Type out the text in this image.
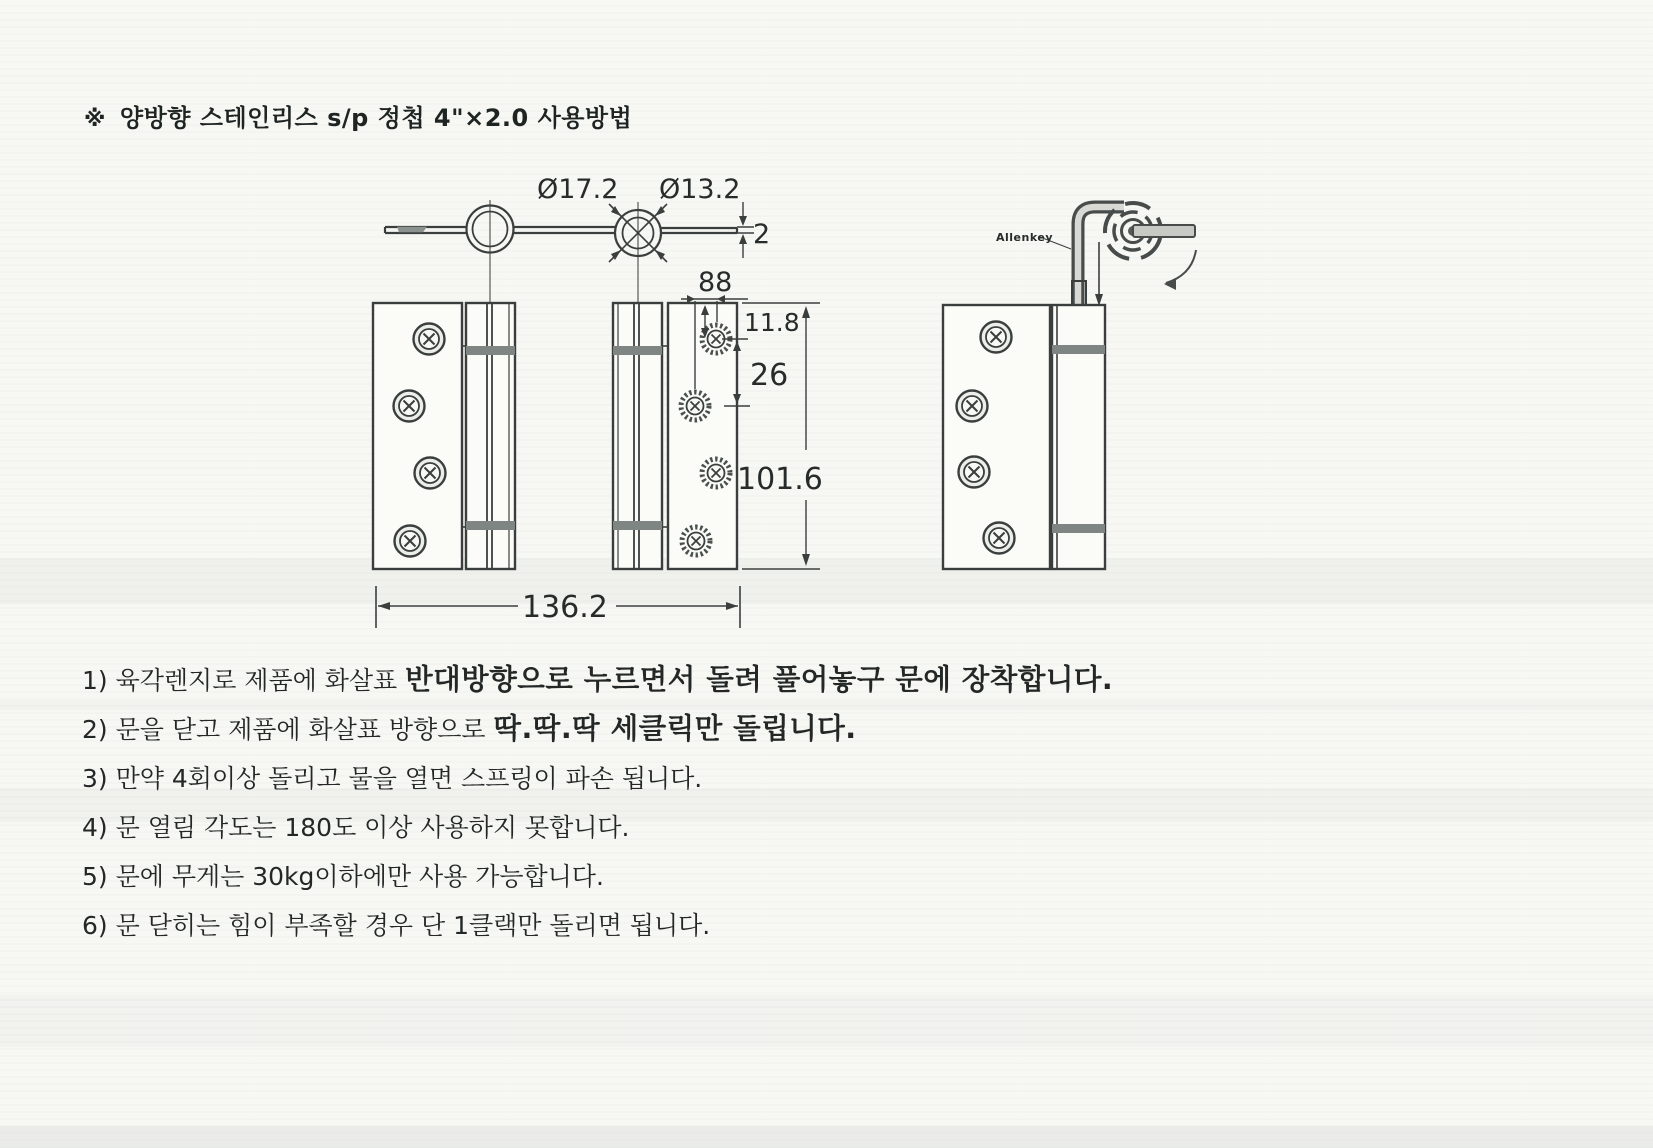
※ 양방향 스테인리스 s/p 정첩 4"×2.0 사용방법
Ø17.2 Ø13.2
2
88
11.8
26
101.6
136.2
Allenkey
1) 육각렌지로 제품에 화살표 반대방향으로 누르면서 돌려 풀어놓구 문에 장착합니다.
2) 문을 닫고 제품에 화살표 방향으로 딱.딱.딱 세클릭만 돌립니다.
3) 만약 4회이상 돌리고 물을 열면 스프링이 파손 됩니다.
4) 문 열림 각도는 180도 이상 사용하지 못합니다.
5) 문에 무게는 30kg이하에만 사용 가능합니다.
6) 문 닫히는 힘이 부족할 경우 단 1클랙만 돌리면 됩니다.
